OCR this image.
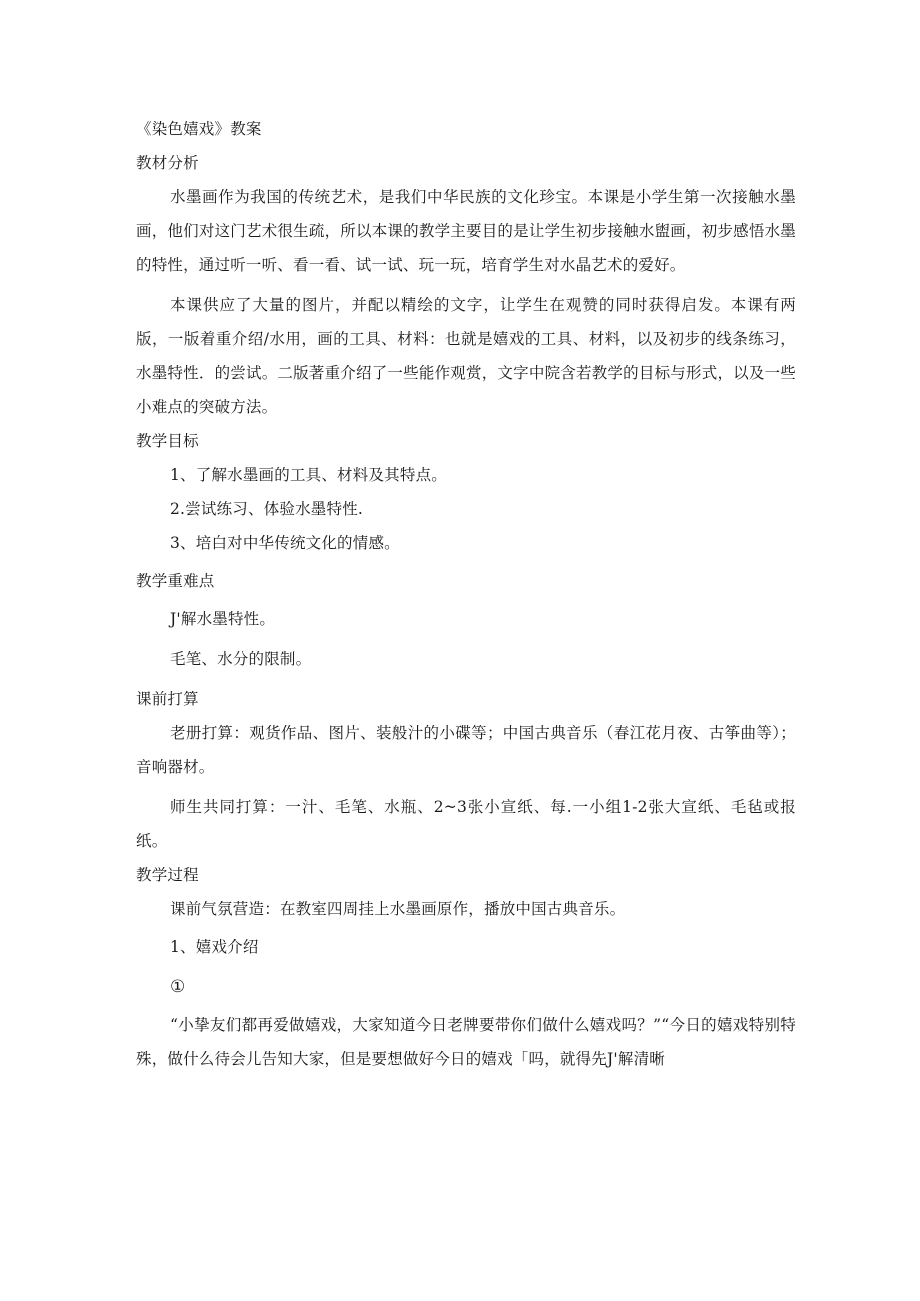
《染色嬉戏》教案

教材分析

水墨画作为我国的传统艺术，是我们中华民族的文化珍宝。本课是小学生第一次接触水墨画，他们对这门艺术很生疏，所以本课的教学主要目的是让学生初步接触水盥画，初步感悟水墨的特性，通过听一听、看一看、试一试、玩一玩，培育学生对水晶艺术的爱好。

本课供应了大量的图片，并配以精绘的文字，让学生在观赞的同时获得启发。本课有两版，一版着重介绍/水用，画的工具、材料：也就是嬉戏的工具、材料，以及初步的线条练习，水墨特性．的尝试。二版著重介绍了一些能作观赏，文字中院含若教学的目标与形式，以及一些小难点的突破方法。

教学目标

1、了解水墨画的工具、材料及其特点。

2.尝试练习、体验水墨特性.

3、培白对中华传统文化的情感。

教学重难点

J'解水墨特性。

毛笔、水分的限制。

课前打算

老册打算：观货作品、图片、装般汁的小碟等；中国古典音乐（春江花月夜、古筝曲等）；音响器材。

师生共同打算：一汁、毛笔、水瓶、2~3张小宣纸、每.一小组1-2张大宣纸、毛毡或报纸。

教学过程

课前气氛营造：在教室四周挂上水墨画原作，播放中国古典音乐。

1、嬉戏介绍

①

“小挚友们都再爱做嬉戏，大家知道今日老牌要带你们做什么嬉戏吗？”“今日的嬉戏特别特殊，做什么待会儿告知大家，但是要想做好今日的嬉戏「吗，就得先J'解清晰
